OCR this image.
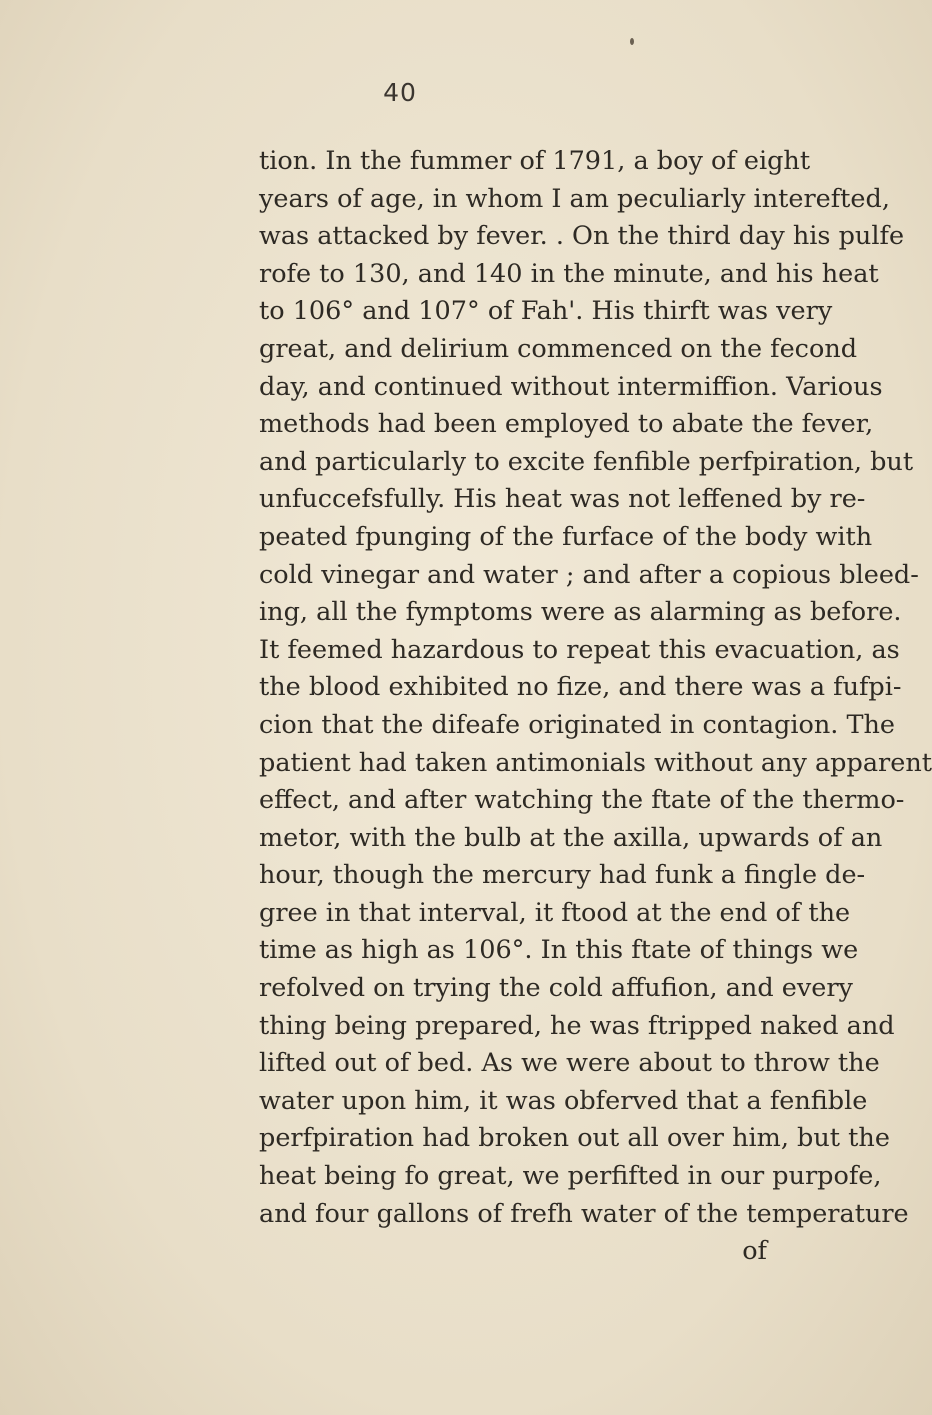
40
tion. In the fummer of 1791, a boy of eight
years of age, in whom I am peculiarly interefted,
was attacked by fever. . On the third day his pulfe
rofe to 130, and 140 in the minute, and his heat
to 106° and 107° of Fah'. His thirft was very
great, and delirium commenced on the fecond
day, and continued without intermiffion. Various
methods had been employed to abate the fever,
and particularly to excite fenfible perfpiration, but
unfuccefsfully. His heat was not leffened by re-
peated fpunging of the furface of the body with
cold vinegar and water ; and after a copious bleed-
ing, all the fymptoms were as alarming as before.
It feemed hazardous to repeat this evacuation, as
the blood exhibited no fize, and there was a fufpi-
cion that the difeafe originated in contagion. The
patient had taken antimonials without any apparent
effect, and after watching the ftate of the thermo-
metor, with the bulb at the axilla, upwards of an
hour, though the mercury had funk a fingle de-
gree in that interval, it ftood at the end of the
time as high as 106°. In this ftate of things we
refolved on trying the cold affufion, and every
thing being prepared, he was ftripped naked and
lifted out of bed. As we were about to throw the
water upon him, it was obferved that a fenfible
perfpiration had broken out all over him, but the
heat being fo great, we perfifted in our purpofe,
and four gallons of frefh water of the temperature
of
